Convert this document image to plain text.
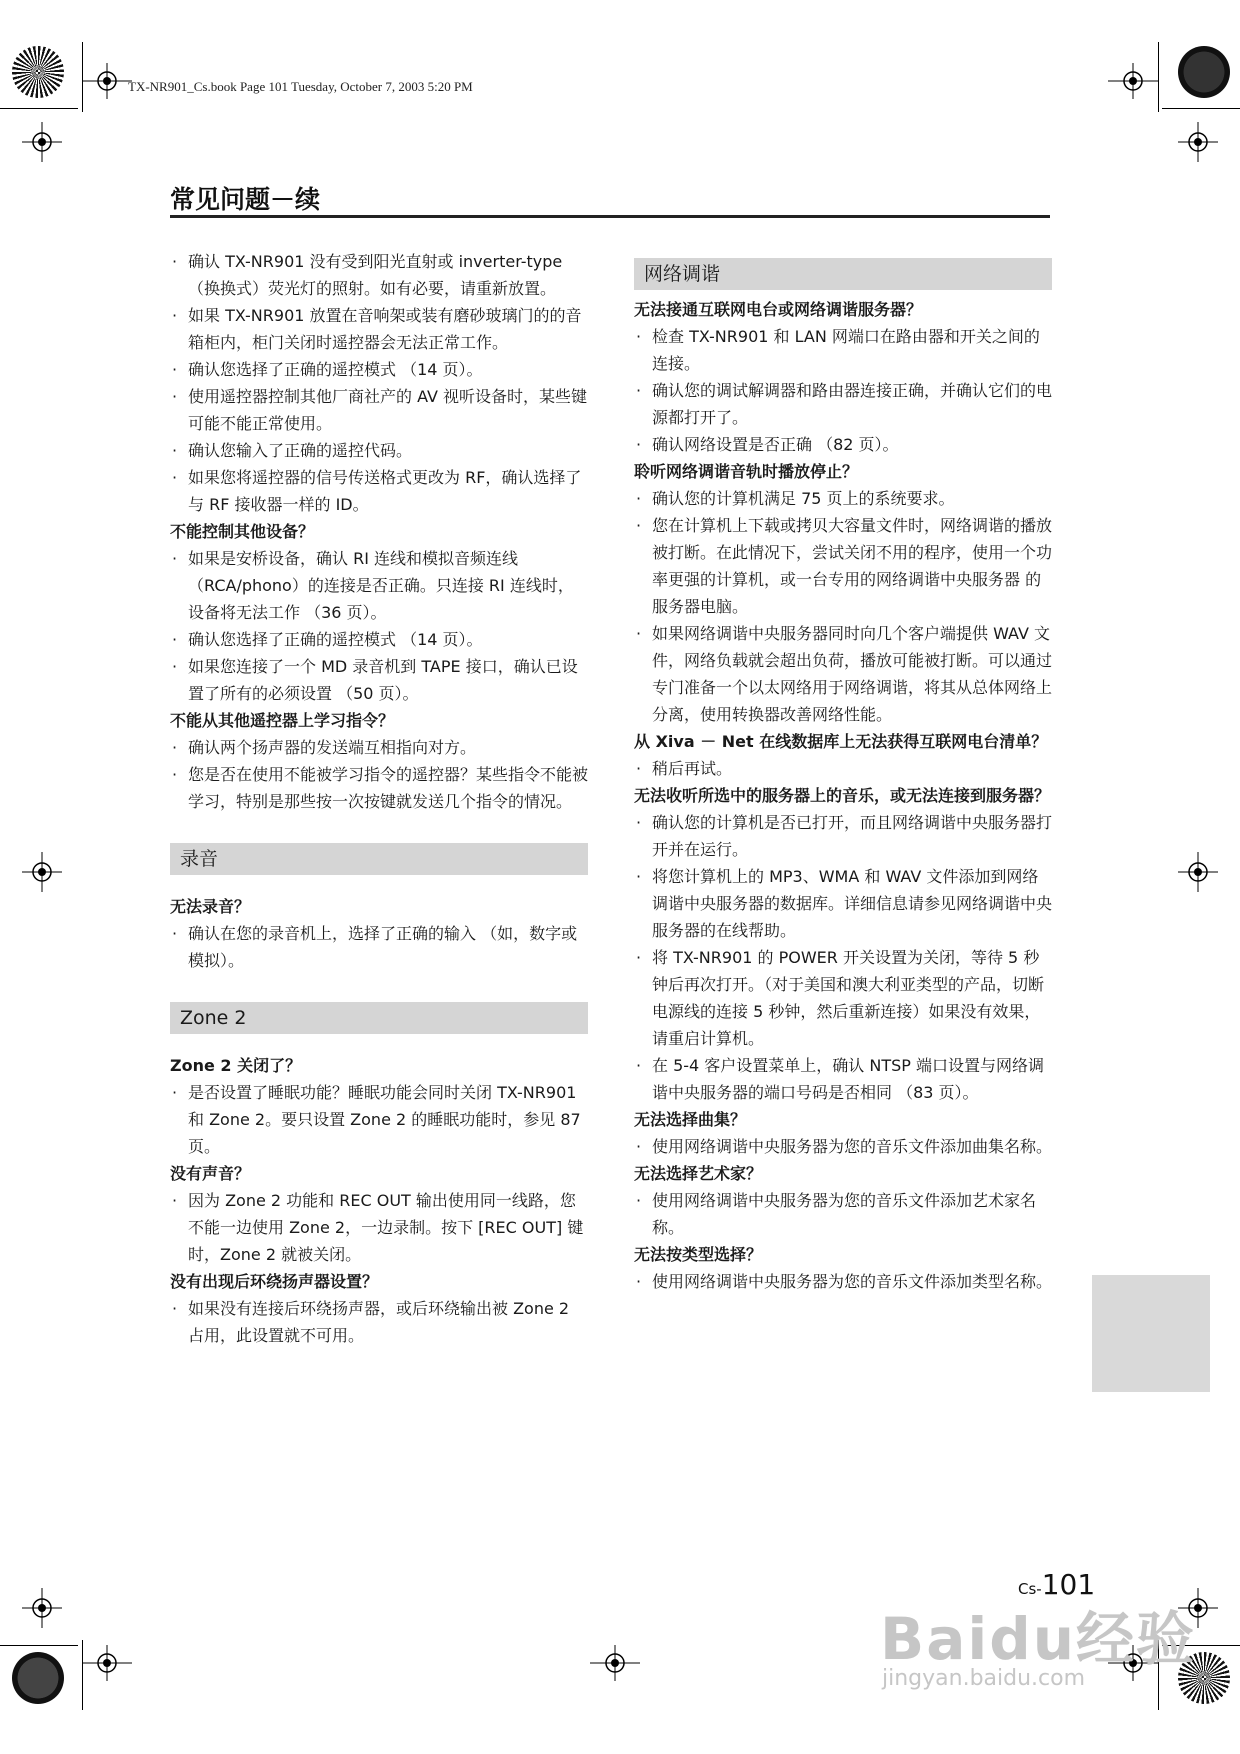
TX-NR901_Cs.book Page 101 Tuesday, October 7, 2003 5:20 PM
常见问题－续
· 确认 TX-NR901 没有受到阳光直射或 inverter-type （换换式）荧光灯的照射。如有必要，请重新放置。
· 如果 TX-NR901 放置在音响架或装有磨砂玻璃门的的音箱柜内，柜门关闭时遥控器会无法正常工作。
· 确认您选择了正确的遥控模式 （14 页）。
· 使用遥控器控制其他厂商社产的 AV 视听设备时，某些键可能不能正常使用。
· 确认您输入了正确的遥控代码。
· 如果您将遥控器的信号传送格式更改为 RF，确认选择了与 RF 接收器一样的 ID。

不能控制其他设备？

· 如果是安桥设备，确认 RI 连线和模拟音频连线（RCA/phono）的连接是否正确。只连接 RI 连线时，设备将无法工作 （36 页）。
· 确认您选择了正确的遥控模式 （14 页）。
· 如果您连接了一个 MD 录音机到 TAPE 接口，确认已设置了所有的必须设置 （50 页）。

不能从其他遥控器上学习指令？

· 确认两个扬声器的发送端互相指向对方。
· 您是否在使用不能被学习指令的遥控器？某些指令不能被学习，特别是那些按一次按键就发送几个指令的情况。
录音

无法录音？

· 确认在您的录音机上，选择了正确的输入 （如，数字或模拟）。
Zone 2

Zone 2 关闭了？

· 是否设置了睡眠功能？睡眠功能会同时关闭 TX-NR901 和 Zone 2。要只设置 Zone 2 的睡眠功能时，参见 87 页。

没有声音？

· 因为 Zone 2 功能和 REC OUT 输出使用同一线路，您不能一边使用 Zone 2，一边录制。按下 [REC OUT] 键时，Zone 2 就被关闭。

没有出现后环绕扬声器设置？

· 如果没有连接后环绕扬声器，或后环绕输出被 Zone 2 占用，此设置就不可用。
网络调谐

无法接通互联网电台或网络调谐服务器？

· 检查 TX-NR901 和 LAN 网端口在路由器和开关之间的连接。
· 确认您的调试解调器和路由器连接正确，并确认它们的电源都打开了。
· 确认网络设置是否正确 （82 页）。

聆听网络调谐音轨时播放停止？

· 确认您的计算机满足 75 页上的系统要求。
· 您在计算机上下载或拷贝大容量文件时，网络调谐的播放被打断。在此情况下，尝试关闭不用的程序，使用一个功率更强的计算机，或一台专用的网络调谐中央服务器 的服务器电脑。
· 如果网络调谐中央服务器同时向几个客户端提供 WAV 文件，网络负载就会超出负荷，播放可能被打断。可以通过专门准备一个以太网络用于网络调谐，将其从总体网络上分离，使用转换器改善网络性能。

从 Xiva － Net 在线数据库上无法获得互联网电台清单？

· 稍后再试。

无法收听所选中的服务器上的音乐，或无法连接到服务器？

· 确认您的计算机是否已打开，而且网络调谐中央服务器打开并在运行。
· 将您计算机上的 MP3、WMA 和 WAV 文件添加到网络调谐中央服务器的数据库。详细信息请参见网络调谐中央服务器的在线帮助。
· 将 TX-NR901 的 POWER 开关设置为关闭，等待 5 秒钟后再次打开。（对于美国和澳大利亚类型的产品，切断电源线的连接 5 秒钟，然后重新连接）如果没有效果，请重启计算机。
· 在 5-4 客户设置菜单上，确认 NTSP 端口设置与网络调谐中央服务器的端口号码是否相同 （83 页）。

无法选择曲集？

· 使用网络调谐中央服务器为您的音乐文件添加曲集名称。

无法选择艺术家？

· 使用网络调谐中央服务器为您的音乐文件添加艺术家名称。

无法按类型选择？

· 使用网络调谐中央服务器为您的音乐文件添加类型名称。
Cs-101
Baidu经验
jingyan.baidu.com
